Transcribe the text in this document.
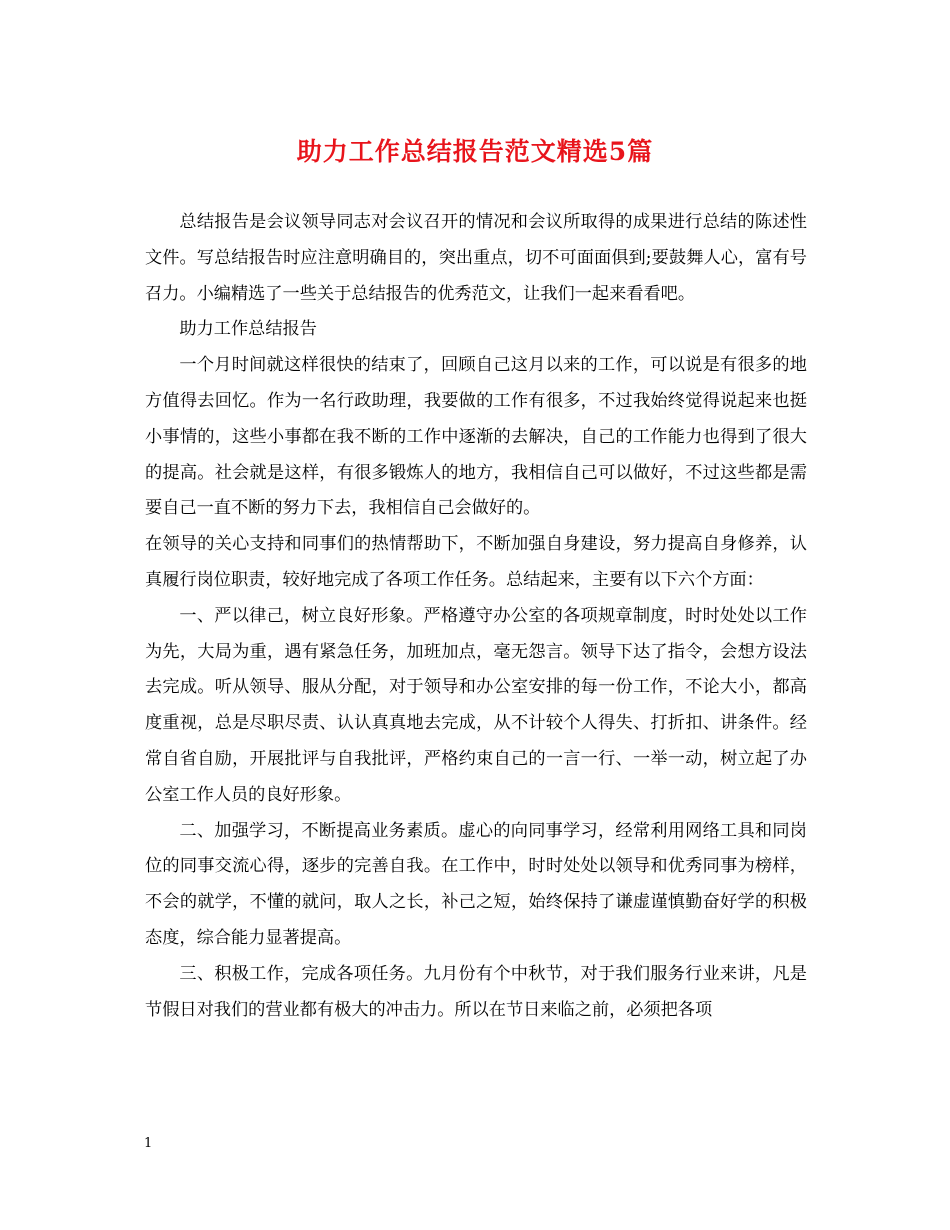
助力工作总结报告范文精选5篇

总结报告是会议领导同志对会议召开的情况和会议所取得的成果进行总结的陈述性文件。写总结报告时应注意明确目的，突出重点，切不可面面俱到;要鼓舞人心，富有号召力。小编精选了一些关于总结报告的优秀范文，让我们一起来看看吧。

助力工作总结报告

一个月时间就这样很快的结束了，回顾自己这月以来的工作，可以说是有很多的地方值得去回忆。作为一名行政助理，我要做的工作有很多，不过我始终觉得说起来也挺小事情的，这些小事都在我不断的工作中逐渐的去解决，自己的工作能力也得到了很大的提高。社会就是这样，有很多锻炼人的地方，我相信自己可以做好，不过这些都是需要自己一直不断的努力下去，我相信自己会做好的。

在领导的关心支持和同事们的热情帮助下，不断加强自身建设，努力提高自身修养，认真履行岗位职责，较好地完成了各项工作任务。总结起来，主要有以下六个方面：

一、严以律己，树立良好形象。严格遵守办公室的各项规章制度，时时处处以工作为先，大局为重，遇有紧急任务，加班加点，毫无怨言。领导下达了指令，会想方设法去完成。听从领导、服从分配，对于领导和办公室安排的每一份工作，不论大小，都高度重视，总是尽职尽责、认认真真地去完成，从不计较个人得失、打折扣、讲条件。经常自省自励，开展批评与自我批评，严格约束自己的一言一行、一举一动，树立起了办公室工作人员的良好形象。

二、加强学习，不断提高业务素质。虚心的向同事学习，经常利用网络工具和同岗位的同事交流心得，逐步的完善自我。在工作中，时时处处以领导和优秀同事为榜样，不会的就学，不懂的就问，取人之长，补己之短，始终保持了谦虚谨慎勤奋好学的积极态度，综合能力显著提高。

三、积极工作，完成各项任务。九月份有个中秋节，对于我们服务行业来讲，凡是节假日对我们的营业都有极大的冲击力。所以在节日来临之前，必须把各项

1
